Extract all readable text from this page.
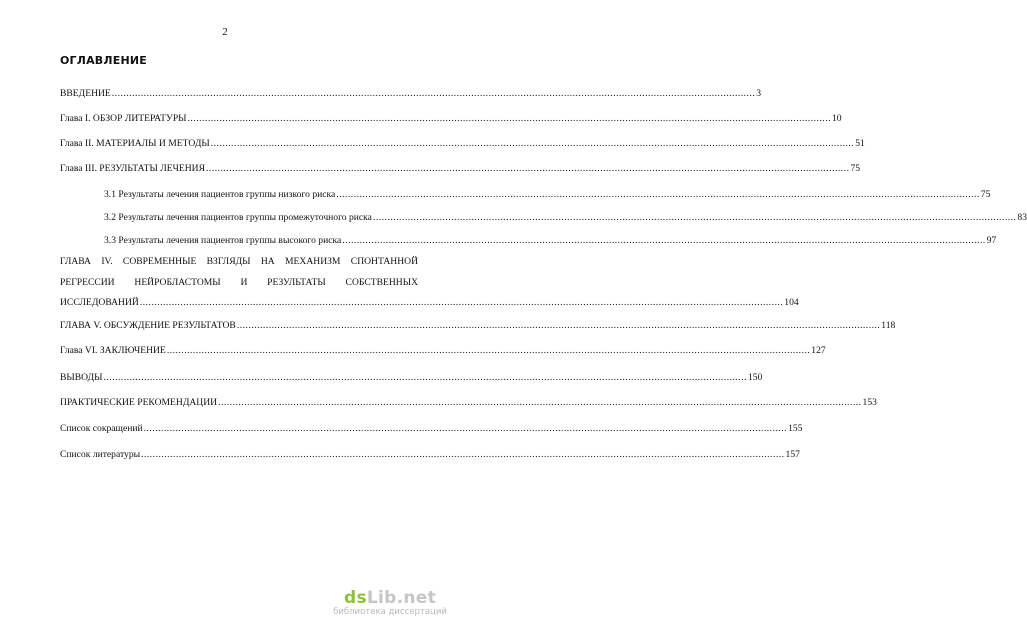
2
ОГЛАВЛЕНИЕ
ВВЕДЕНИЕ .............................................................................................................................................................................................................................. 3
Глава I. ОБЗОР ЛИТЕРАТУРЫ .............................................................................................................................................................................................................................. 10
Глава II. МАТЕРИАЛЫ И МЕТОДЫ .............................................................................................................................................................................................................................. 51
Глава III. РЕЗУЛЬТАТЫ ЛЕЧЕНИЯ .............................................................................................................................................................................................................................. 75
3.1 Результаты лечения пациентов группы низкого риска .............................................................................................................................................................................................................................. 75
3.2 Результаты лечения пациентов группы промежуточного риска .............................................................................................................................................................................................................................. 83
3.3 Результаты лечения пациентов группы высокого риска .............................................................................................................................................................................................................................. 97
ГЛАВА IV. СОВРЕМЕННЫЕ ВЗГЛЯДЫ НА МЕХАНИЗМ СПОНТАННОЙ
РЕГРЕССИИ НЕЙРОБЛАСТОМЫ И РЕЗУЛЬТАТЫ СОБСТВЕННЫХ
ИССЛЕДОВАНИЙ .............................................................................................................................................................................................................................. 104
ГЛАВА V. ОБСУЖДЕНИЕ РЕЗУЛЬТАТОВ .............................................................................................................................................................................................................................. 118
Глава VI. ЗАКЛЮЧЕНИЕ .............................................................................................................................................................................................................................. 127
ВЫВОДЫ .............................................................................................................................................................................................................................. 150
ПРАКТИЧЕСКИЕ РЕКОМЕНДАЦИИ .............................................................................................................................................................................................................................. 153
Список сокращений .............................................................................................................................................................................................................................. 155
Список литературы .............................................................................................................................................................................................................................. 157
dsLib.net
библиотека диссертаций
